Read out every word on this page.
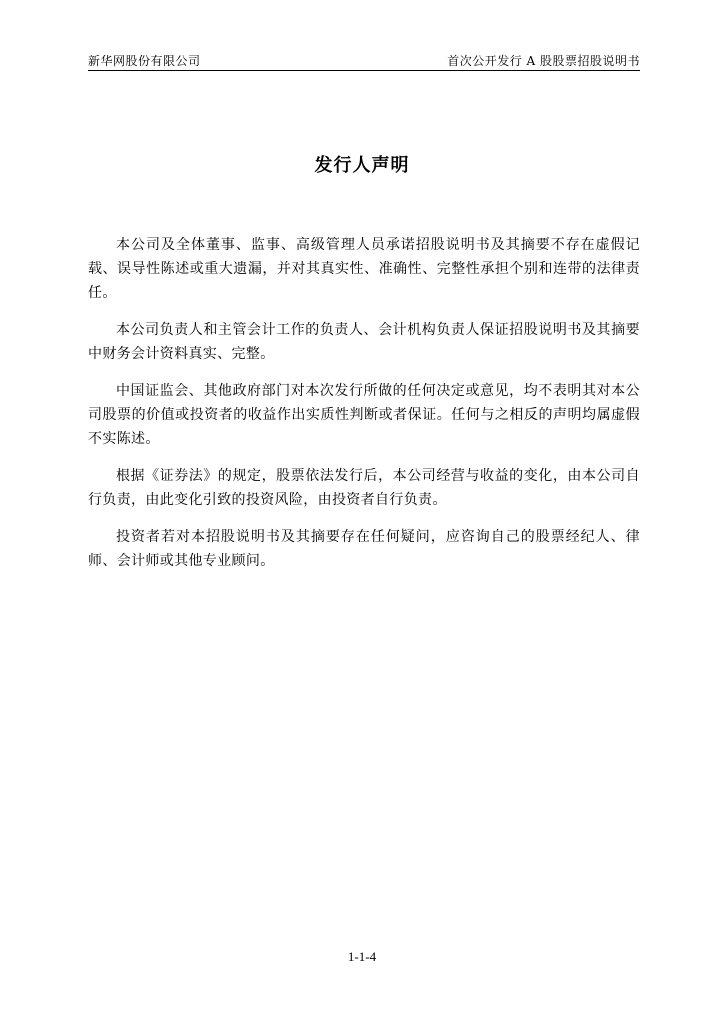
新华网股份有限公司	首次公开发行 A 股股票招股说明书
发行人声明

本公司及全体董事、监事、高级管理人员承诺招股说明书及其摘要不存在虚假记载、误导性陈述或重大遗漏，并对其真实性、准确性、完整性承担个别和连带的法律责任。

本公司负责人和主管会计工作的负责人、会计机构负责人保证招股说明书及其摘要中财务会计资料真实、完整。

中国证监会、其他政府部门对本次发行所做的任何决定或意见，均不表明其对本公司股票的价值或投资者的收益作出实质性判断或者保证。任何与之相反的声明均属虚假不实陈述。

根据《证券法》的规定，股票依法发行后，本公司经营与收益的变化，由本公司自行负责，由此变化引致的投资风险，由投资者自行负责。

投资者若对本招股说明书及其摘要存在任何疑问，应咨询自己的股票经纪人、律师、会计师或其他专业顾问。

1-1-4
